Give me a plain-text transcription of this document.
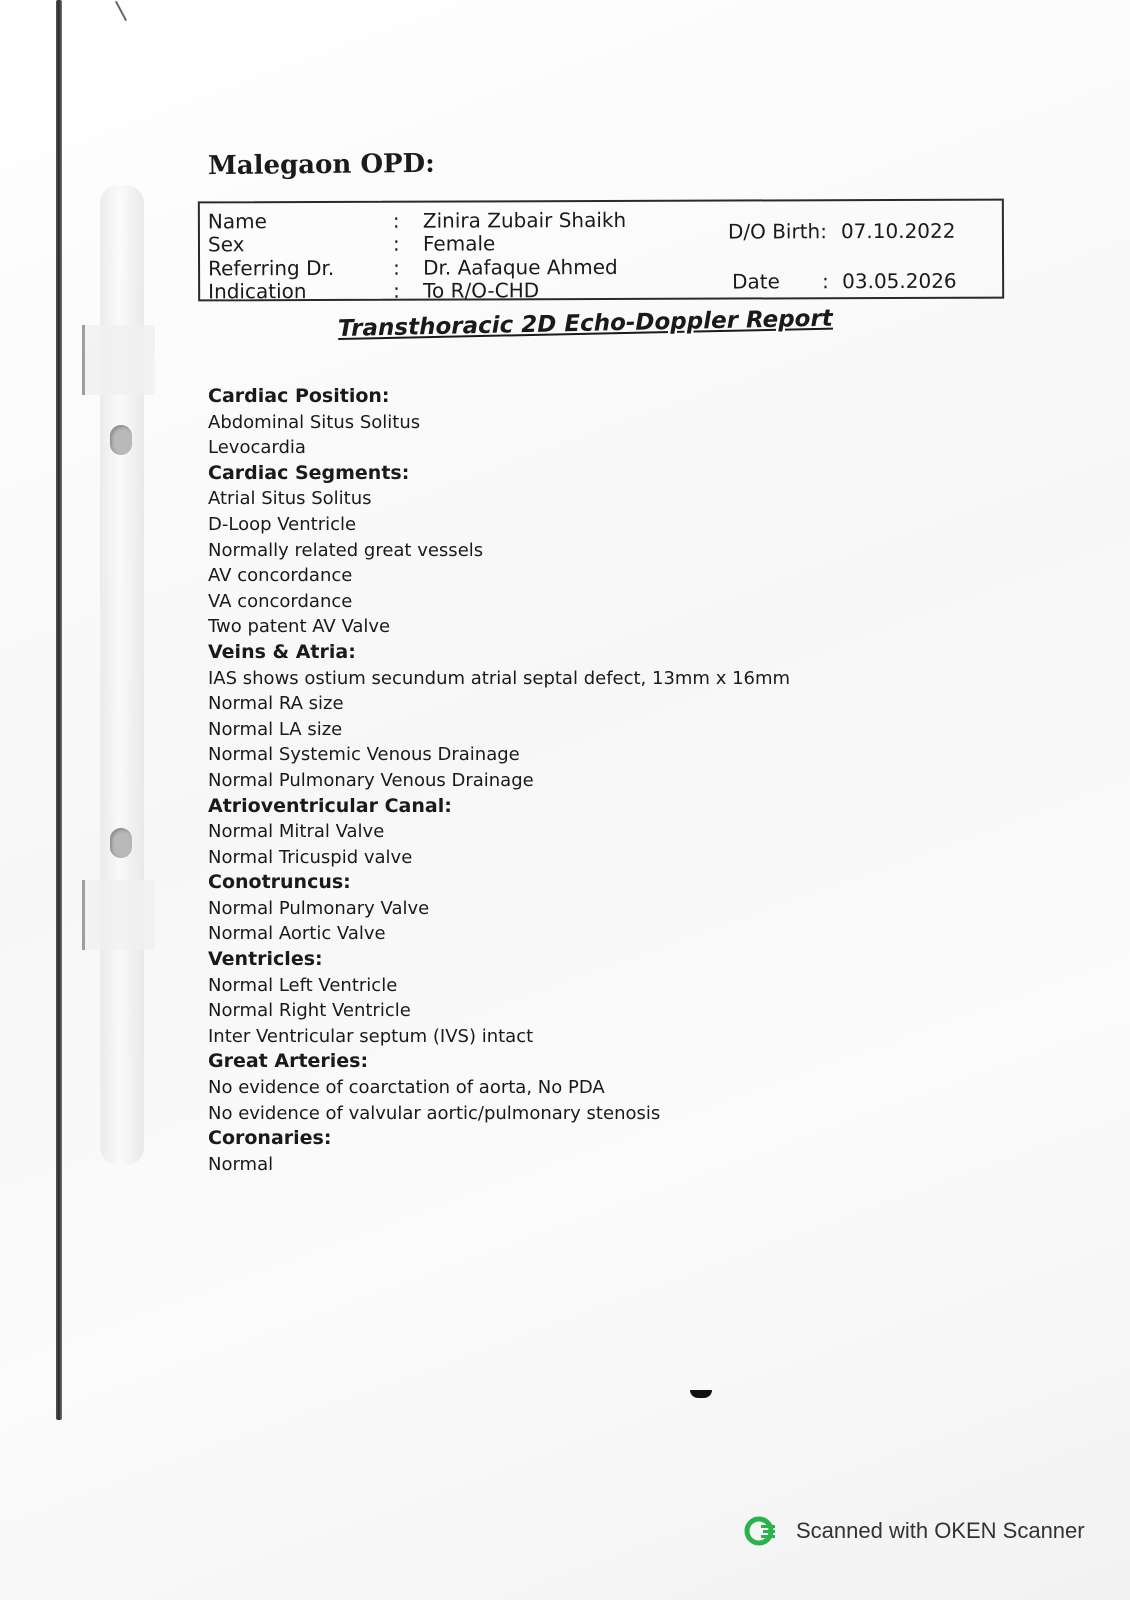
Malegaon OPD:
Name	:	Zinira Zubair Shaikh
Sex	:	Female
Referring Dr.	:	Dr. Aafaque Ahmed
Indication	:	To R/O-CHD
D/O Birth: 07.10.2022
Date	: 03.05.2026
Transthoracic 2D Echo-Doppler Report
Cardiac Position:
Abdominal Situs Solitus
Levocardia
Cardiac Segments:
Atrial Situs Solitus
D-Loop Ventricle
Normally related great vessels
AV concordance
VA concordance
Two patent AV Valve
Veins & Atria:
IAS shows ostium secundum atrial septal defect, 13mm x 16mm
Normal RA size
Normal LA size
Normal Systemic Venous Drainage
Normal Pulmonary Venous Drainage
Atrioventricular Canal:
Normal Mitral Valve
Normal Tricuspid valve
Conotruncus:
Normal Pulmonary Valve
Normal Aortic Valve
Ventricles:
Normal Left Ventricle
Normal Right Ventricle
Inter Ventricular septum (IVS) intact
Great Arteries:
No evidence of coarctation of aorta, No PDA
No evidence of valvular aortic/pulmonary stenosis
Coronaries:
Normal
Scanned with OKEN Scanner
